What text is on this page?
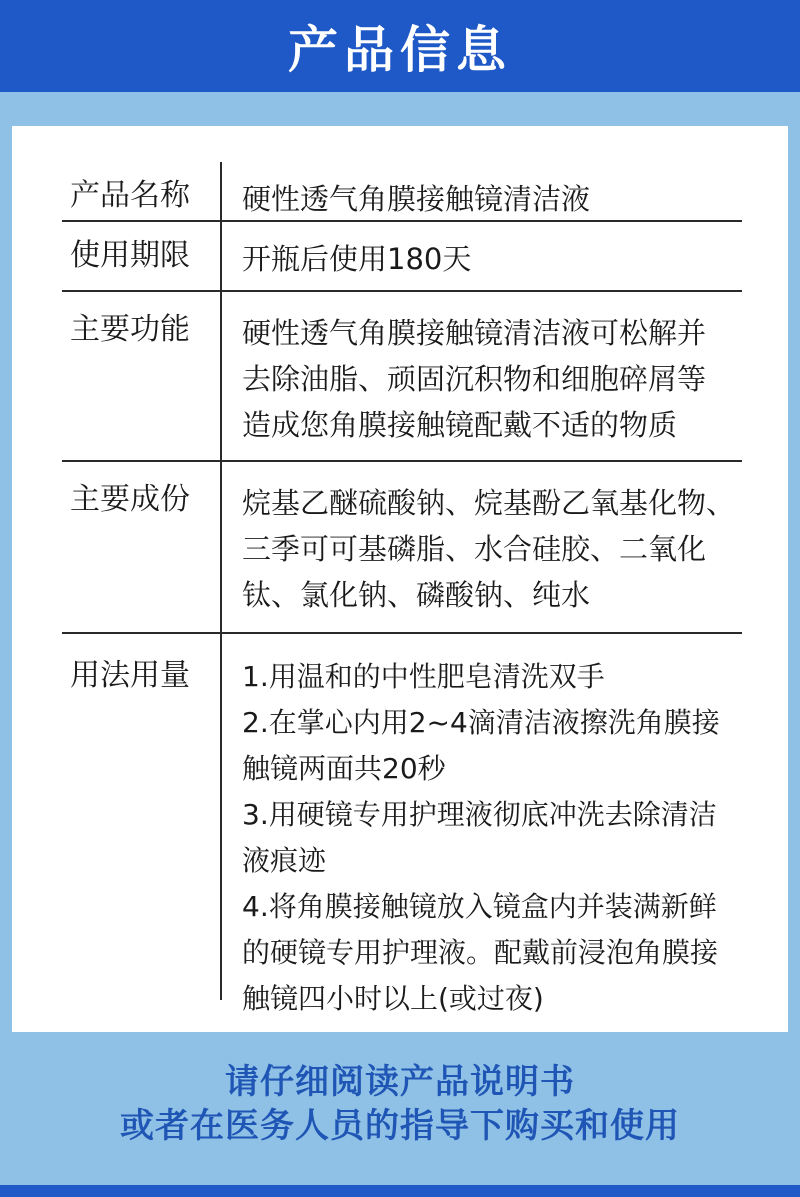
产品信息
产品名称	硬性透气角膜接触镜清洁液
使用期限	开瓶后使用180天
主要功能	硬性透气角膜接触镜清洁液可松解并
去除油脂、顽固沉积物和细胞碎屑等
造成您角膜接触镜配戴不适的物质
主要成份	烷基乙醚硫酸钠、烷基酚乙氧基化物、
三季可可基磷脂、水合硅胶、二氧化
钛、氯化钠、磷酸钠、纯水
用法用量	1.用温和的中性肥皂清洗双手
2.在掌心内用2~4滴清洁液擦洗角膜接
触镜两面共20秒
3.用硬镜专用护理液彻底冲洗去除清洁
液痕迹
4.将角膜接触镜放入镜盒内并装满新鲜
的硬镜专用护理液。配戴前浸泡角膜接
触镜四小时以上(或过夜)
请仔细阅读产品说明书
或者在医务人员的指导下购买和使用
